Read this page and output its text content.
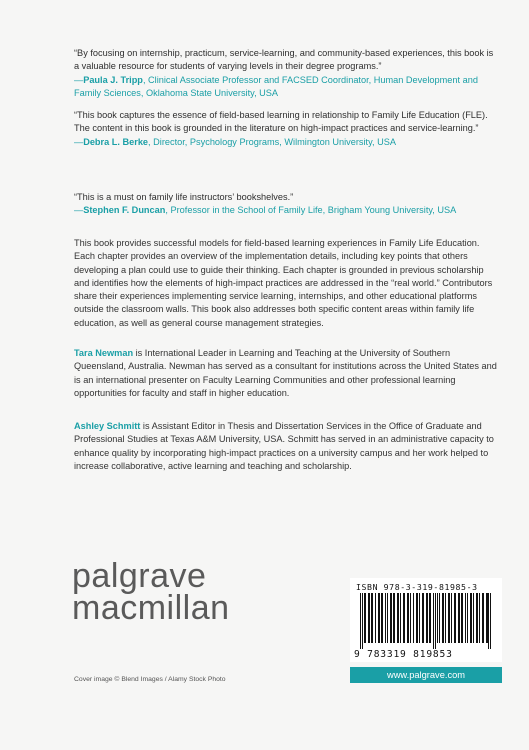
“By focusing on internship, practicum, service-learning, and community-based experiences, this book is a valuable resource for students of varying levels in their degree programs.”
—Paula J. Tripp, Clinical Associate Professor and FACSED Coordinator, Human Development and Family Sciences, Oklahoma State University, USA

“This book captures the essence of field-based learning in relationship to Family Life Education (FLE). The content in this book is grounded in the literature on high-impact practices and service-learning.”
—Debra L. Berke, Director, Psychology Programs, Wilmington University, USA

“This is a must on family life instructors’ bookshelves.”
—Stephen F. Duncan, Professor in the School of Family Life, Brigham Young University, USA

This book provides successful models for field-based learning experiences in Family Life Education. Each chapter provides an overview of the implementation details, including key points that others developing a plan could use to guide their thinking. Each chapter is grounded in previous scholarship and identifies how the elements of high-impact practices are addressed in the “real world.” Contributors share their experiences implementing service learning, internships, and other educational platforms outside the classroom walls. This book also addresses both specific content areas within family life education, as well as general course management strategies.

Tara Newman is International Leader in Learning and Teaching at the University of Southern Queensland, Australia. Newman has served as a consultant for institutions across the United States and is an international presenter on Faculty Learning Communities and other professional learning opportunities for faculty and staff in higher education.

Ashley Schmitt is Assistant Editor in Thesis and Dissertation Services in the Office of Graduate and Professional Studies at Texas A&M University, USA. Schmitt has served in an administrative capacity to enhance quality by incorporating high-impact practices on a university campus and her work helped to increase collaborative, active learning and teaching and scholarship.

palgrave
macmillan
Cover image © Blend Images / Alamy Stock Photo
ISBN 978-3-319-81985-3
9 783319 819853
www.palgrave.com
